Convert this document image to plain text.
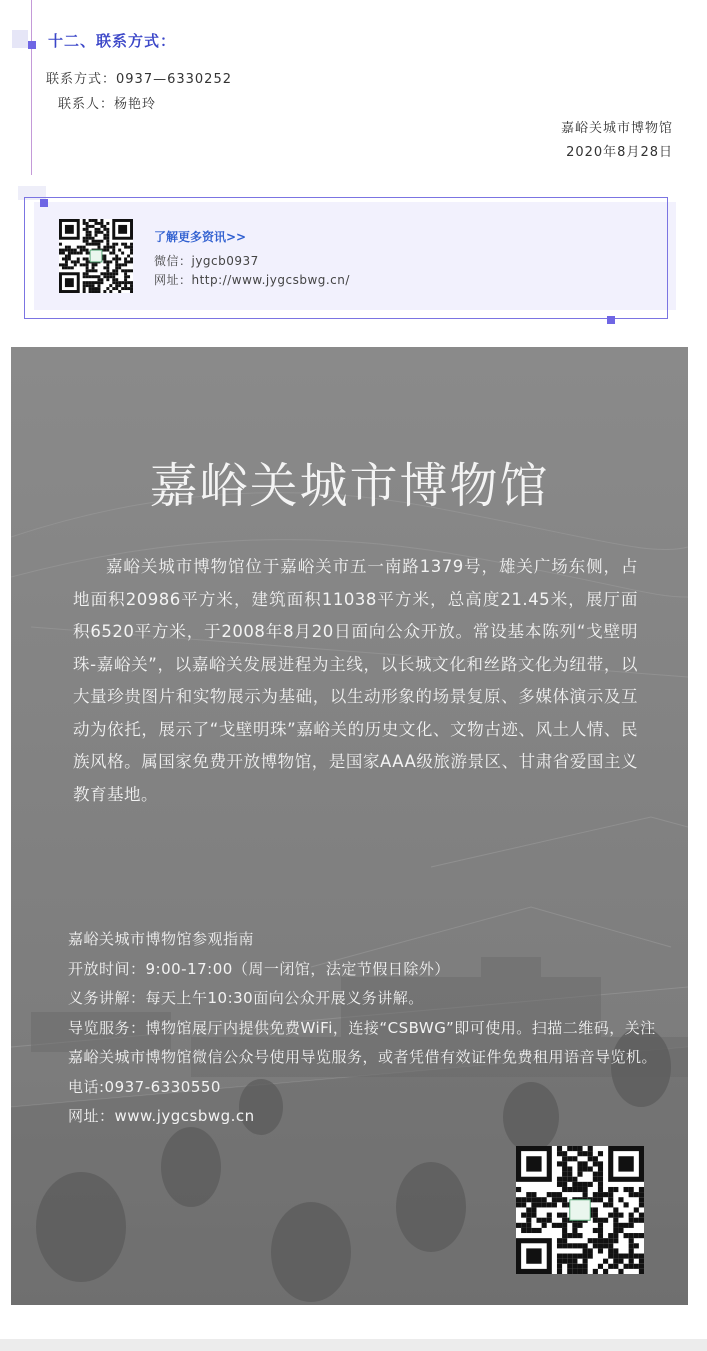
十二、联系方式：
联系方式：0937—6330252
联系人：杨艳玲
嘉峪关城市博物馆
2020年8月28日
了解更多资讯>>
微信：jygcb0937
网址：http://www.jygcsbwg.cn/
嘉峪关城市博物馆
嘉峪关城市博物馆位于嘉峪关市五一南路1379号，雄关广场东侧，占地面积20986平方米，建筑面积11038平方米，总高度21.45米，展厅面积6520平方米，于2008年8月20日面向公众开放。常设基本陈列“戈壁明珠-嘉峪关”，以嘉峪关发展进程为主线，以长城文化和丝路文化为纽带，以大量珍贵图片和实物展示为基础，以生动形象的场景复原、多媒体演示及互动为依托，展示了“戈壁明珠”嘉峪关的历史文化、文物古迹、风土人情、民族风格。属国家免费开放博物馆，是国家AAA级旅游景区、甘肃省爱国主义教育基地。
嘉峪关城市博物馆参观指南
开放时间：9:00-17:00（周一闭馆，法定节假日除外）
义务讲解：每天上午10:30面向公众开展义务讲解。
导览服务：博物馆展厅内提供免费WiFi，连接“CSBWG”即可使用。扫描二维码，关注嘉峪关城市博物馆微信公众号使用导览服务，或者凭借有效证件免费租用语音导览机。
电话:0937-6330550
网址：www.jygcsbwg.cn
